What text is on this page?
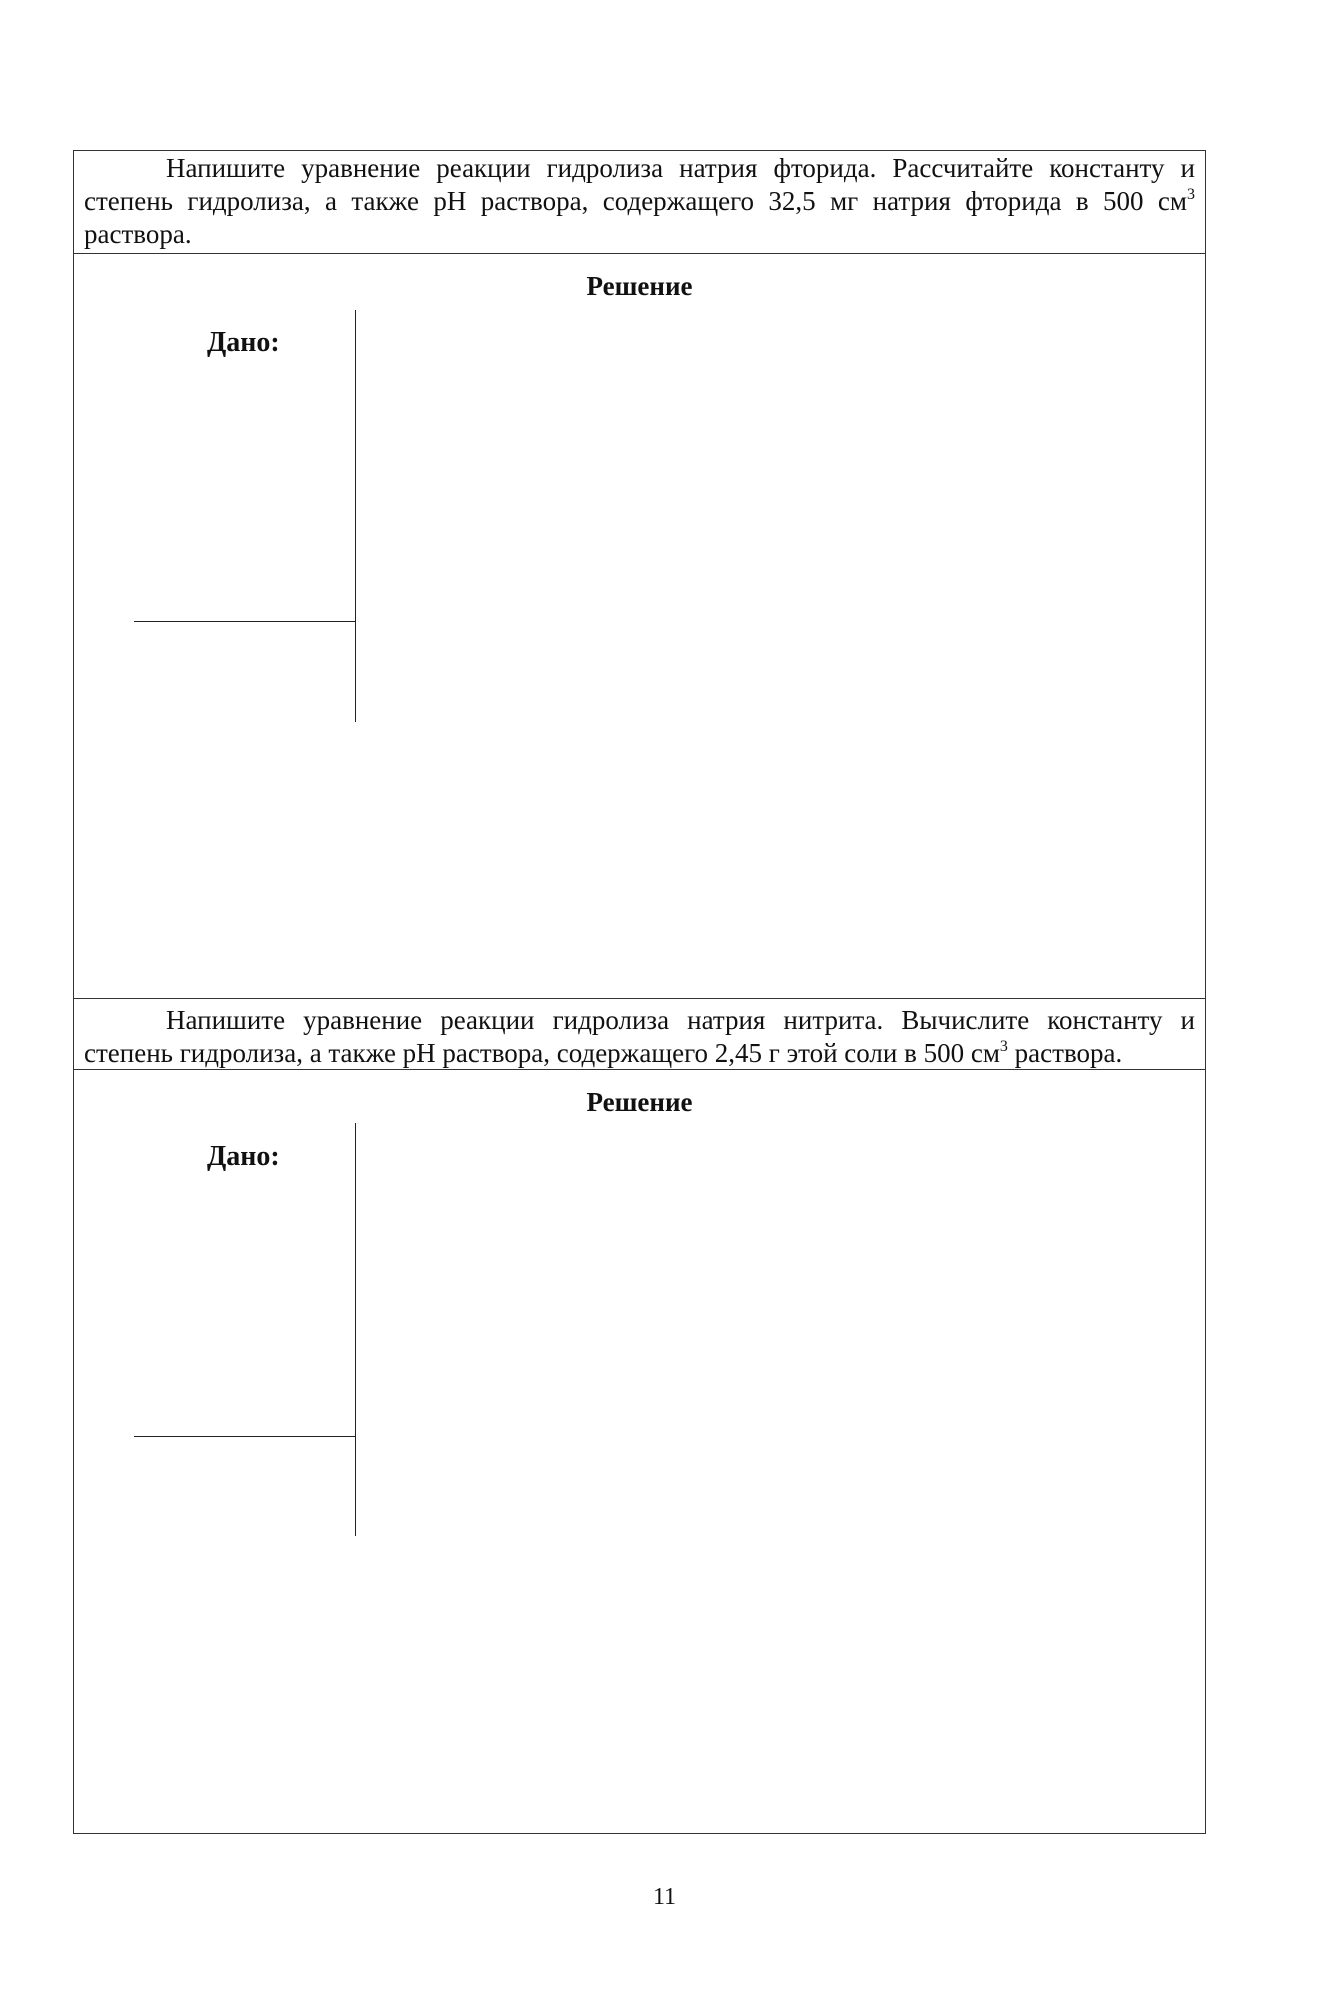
Напишите уравнение реакции гидролиза натрия фторида. Рассчитайте константу и степень гидролиза, а также pH раствора, содержащего 32,5 мг натрия фторида в 500 $см^3$ раствора.

Решение
Дано:

Напишите уравнение реакции гидролиза натрия нитрита. Вычислите константу и степень гидролиза, а также pH раствора, содержащего 2,45 г этой соли в 500 $см^3$ раствора.

Решение
Дано:
11
